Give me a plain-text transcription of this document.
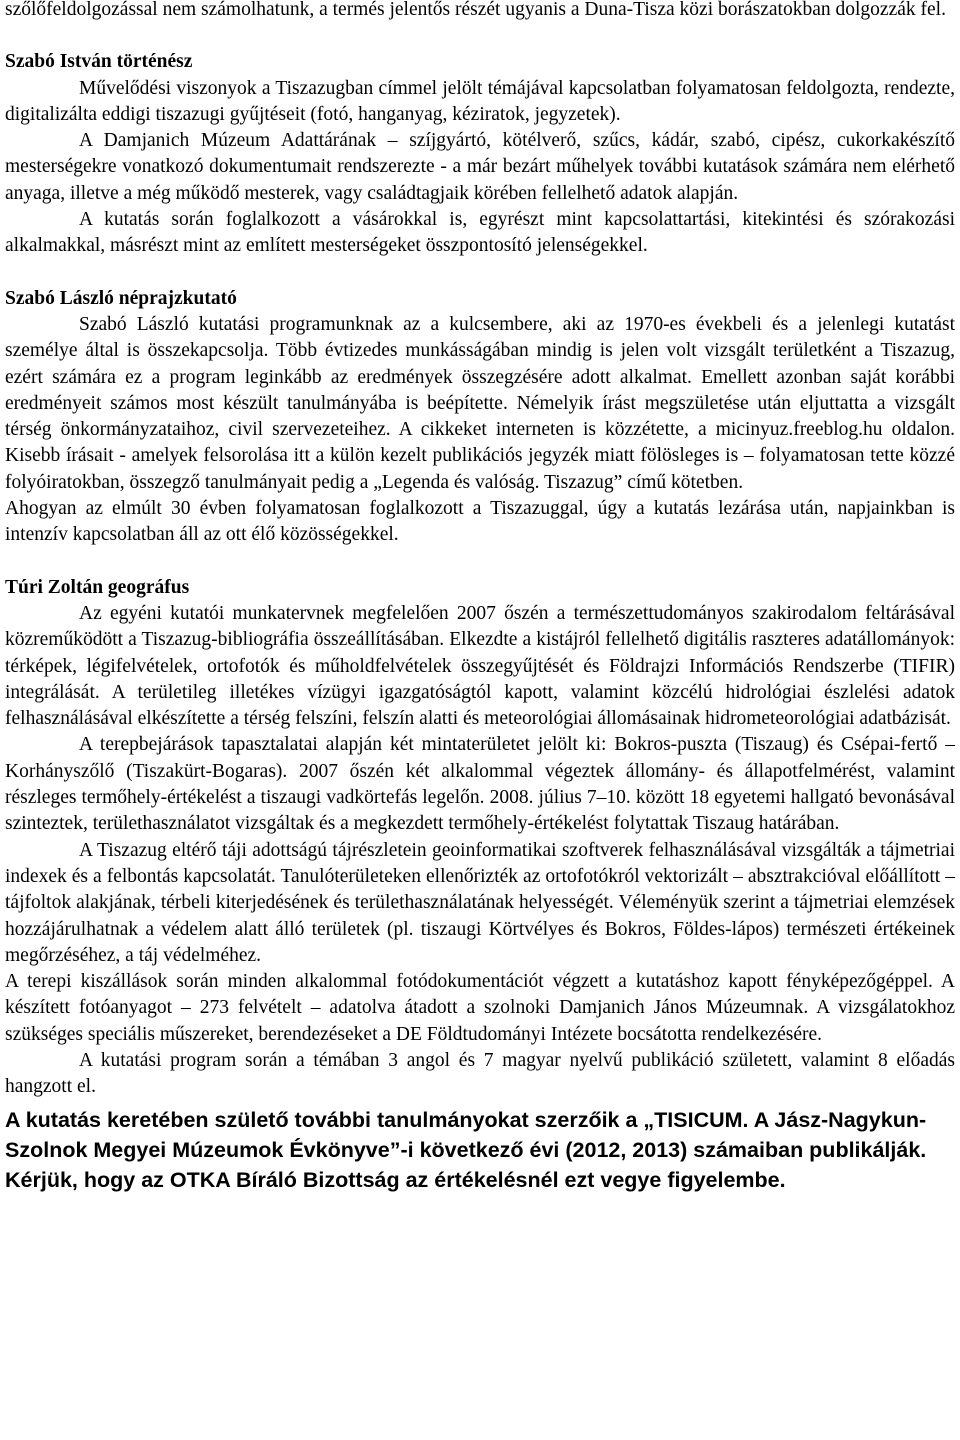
szőlőfeldolgozással nem számolhatunk, a termés jelentős részét ugyanis a Duna-Tisza közi borászatokban dolgozzák fel.

Szabó István történész

Művelődési viszonyok a Tiszazugban címmel jelölt témájával kapcsolatban folyamatosan feldolgozta, rendezte, digitalizálta eddigi tiszazugi gyűjtéseit (fotó, hanganyag, kéziratok, jegyzetek).

A Damjanich Múzeum Adattárának – szíjgyártó, kötélverő, szűcs, kádár, szabó, cipész, cukorkakészítő mesterségekre vonatkozó dokumentumait rendszerezte - a már bezárt műhelyek további kutatások számára nem elérhető anyaga, illetve a még működő mesterek, vagy családtagjaik körében fellelhető adatok alapján.

A kutatás során foglalkozott a vásárokkal is, egyrészt mint kapcsolattartási, kitekintési és szórakozási alkalmakkal, másrészt mint az említett mesterségeket összpontosító jelenségekkel.

Szabó László néprajzkutató

Szabó László kutatási programunknak az a kulcsembere, aki az 1970-es évekbeli és a jelenlegi kutatást személye által is összekapcsolja. Több évtizedes munkásságában mindig is jelen volt vizsgált területként a Tiszazug, ezért számára ez a program leginkább az eredmények összegzésére adott alkalmat. Emellett azonban saját korábbi eredményeit számos most készült tanulmányába is beépítette. Némelyik írást megszületése után eljuttatta a vizsgált térség önkormányzataihoz, civil szervezeteihez. A cikkeket interneten is közzétette, a micinyuz.freeblog.hu oldalon. Kisebb írásait - amelyek felsorolása itt a külön kezelt publikációs jegyzék miatt fölösleges is – folyamatosan tette közzé folyóiratokban, összegző tanulmányait pedig a „Legenda és valóság. Tiszazug” című kötetben.

Ahogyan az elmúlt 30 évben folyamatosan foglalkozott a Tiszazuggal, úgy a kutatás lezárása után, napjainkban is intenzív kapcsolatban áll az ott élő közösségekkel.

Túri Zoltán geográfus

Az egyéni kutatói munkatervnek megfelelően 2007 őszén a természettudományos szakirodalom feltárásával közreműködött a Tiszazug-bibliográfia összeállításában. Elkezdte a kistájról fellelhető digitális raszteres adatállományok: térképek, légifelvételek, ortofotók és műholdfelvételek összegyűjtését és Földrajzi Információs Rendszerbe (TIFIR) integrálását. A területileg illetékes vízügyi igazgatóságtól kapott, valamint közcélú hidrológiai észlelési adatok felhasználásával elkészítette a térség felszíni, felszín alatti és meteorológiai állomásainak hidrometeorológiai adatbázisát.

A terepbejárások tapasztalatai alapján két mintaterületet jelölt ki: Bokros-puszta (Tiszaug) és Csépai-fertő – Korhányszőlő (Tiszakürt-Bogaras). 2007 őszén két alkalommal végeztek állomány- és állapotfelmérést, valamint részleges termőhely-értékelést a tiszaugi vadkörtefás legelőn. 2008. július 7–10. között 18 egyetemi hallgató bevonásával szinteztek, területhasználatot vizsgáltak és a megkezdett termőhely-értékelést folytattak Tiszaug határában.

A Tiszazug eltérő táji adottságú tájrészletein geoinformatikai szoftverek felhasználásával vizsgálták a tájmetriai indexek és a felbontás kapcsolatát. Tanulóterületeken ellenőrizték az ortofotókról vektorizált – absztrakcióval előállított – tájfoltok alakjának, térbeli kiterjedésének és területhasználatának helyességét. Véleményük szerint a tájmetriai elemzések hozzájárulhatnak a védelem alatt álló területek (pl. tiszaugi Körtvélyes és Bokros, Földes-lápos) természeti értékeinek megőrzéséhez, a táj védelméhez.

A terepi kiszállások során minden alkalommal fotódokumentációt végzett a kutatáshoz kapott fényképezőgéppel. A készített fotóanyagot – 273 felvételt – adatolva átadott a szolnoki Damjanich János Múzeumnak. A vizsgálatokhoz szükséges speciális műszereket, berendezéseket a DE Földtudományi Intézete bocsátotta rendelkezésére.

A kutatási program során a témában 3 angol és 7 magyar nyelvű publikáció született, valamint 8 előadás hangzott el.

A kutatás keretében születő további tanulmányokat szerzőik a „TISICUM. A Jász-Nagykun-Szolnok Megyei Múzeumok Évkönyve”-i következő évi (2012, 2013) számaiban publikálják. Kérjük, hogy az OTKA Bíráló Bizottság az értékelésnél ezt vegye figyelembe.
